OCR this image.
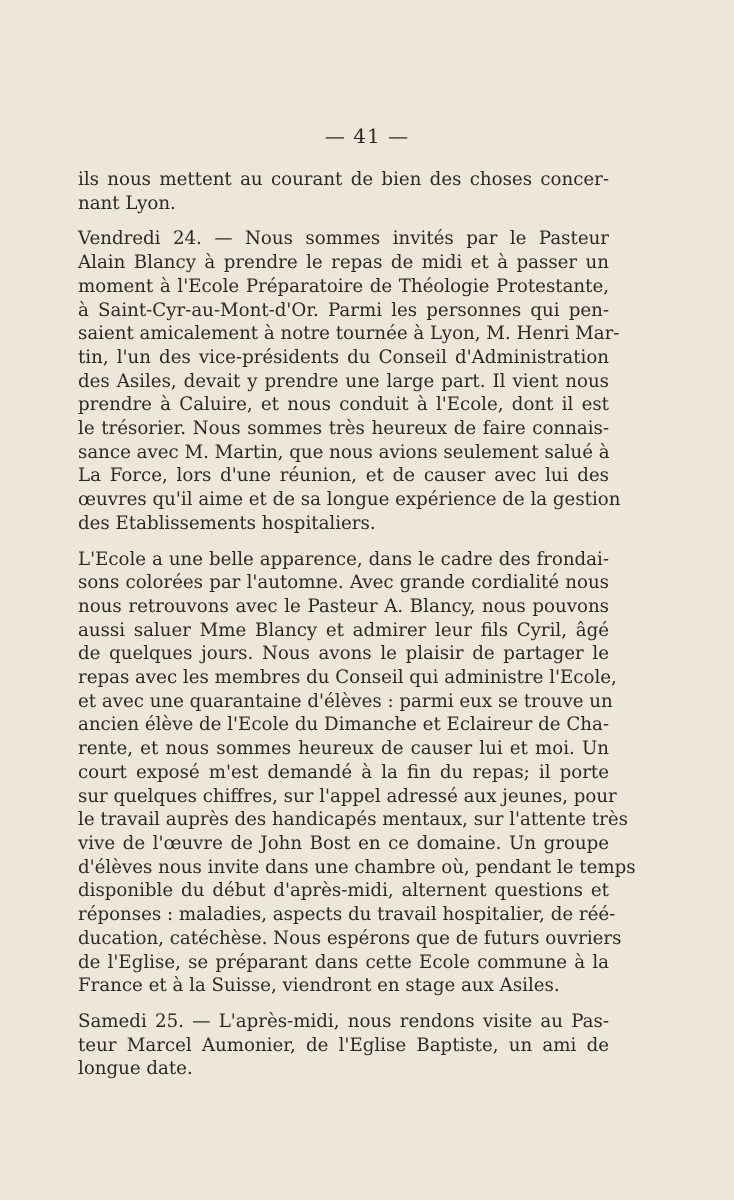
— 41 —

ils nous mettent au courant de bien des choses concer-
nant Lyon.

Vendredi 24. — Nous sommes invités par le Pasteur
Alain Blancy à prendre le repas de midi et à passer un
moment à l'Ecole Préparatoire de Théologie Protestante,
à Saint-Cyr-au-Mont-d'Or. Parmi les personnes qui pen-
saient amicalement à notre tournée à Lyon, M. Henri Mar-
tin, l'un des vice-présidents du Conseil d'Administration
des Asiles, devait y prendre une large part. Il vient nous
prendre à Caluire, et nous conduit à l'Ecole, dont il est
le trésorier. Nous sommes très heureux de faire connais-
sance avec M. Martin, que nous avions seulement salué à
La Force, lors d'une réunion, et de causer avec lui des
œuvres qu'il aime et de sa longue expérience de la gestion
des Etablissements hospitaliers.

L'Ecole a une belle apparence, dans le cadre des frondai-
sons colorées par l'automne. Avec grande cordialité nous
nous retrouvons avec le Pasteur A. Blancy, nous pouvons
aussi saluer Mme Blancy et admirer leur fils Cyril, âgé
de quelques jours. Nous avons le plaisir de partager le
repas avec les membres du Conseil qui administre l'Ecole,
et avec une quarantaine d'élèves : parmi eux se trouve un
ancien élève de l'Ecole du Dimanche et Eclaireur de Cha-
rente, et nous sommes heureux de causer lui et moi. Un
court exposé m'est demandé à la fin du repas; il porte
sur quelques chiffres, sur l'appel adressé aux jeunes, pour
le travail auprès des handicapés mentaux, sur l'attente très
vive de l'œuvre de John Bost en ce domaine. Un groupe
d'élèves nous invite dans une chambre où, pendant le temps
disponible du début d'après-midi, alternent questions et
réponses : maladies, aspects du travail hospitalier, de réé-
ducation, catéchèse. Nous espérons que de futurs ouvriers
de l'Eglise, se préparant dans cette Ecole commune à la
France et à la Suisse, viendront en stage aux Asiles.

Samedi 25. — L'après-midi, nous rendons visite au Pas-
teur Marcel Aumonier, de l'Eglise Baptiste, un ami de
longue date.
